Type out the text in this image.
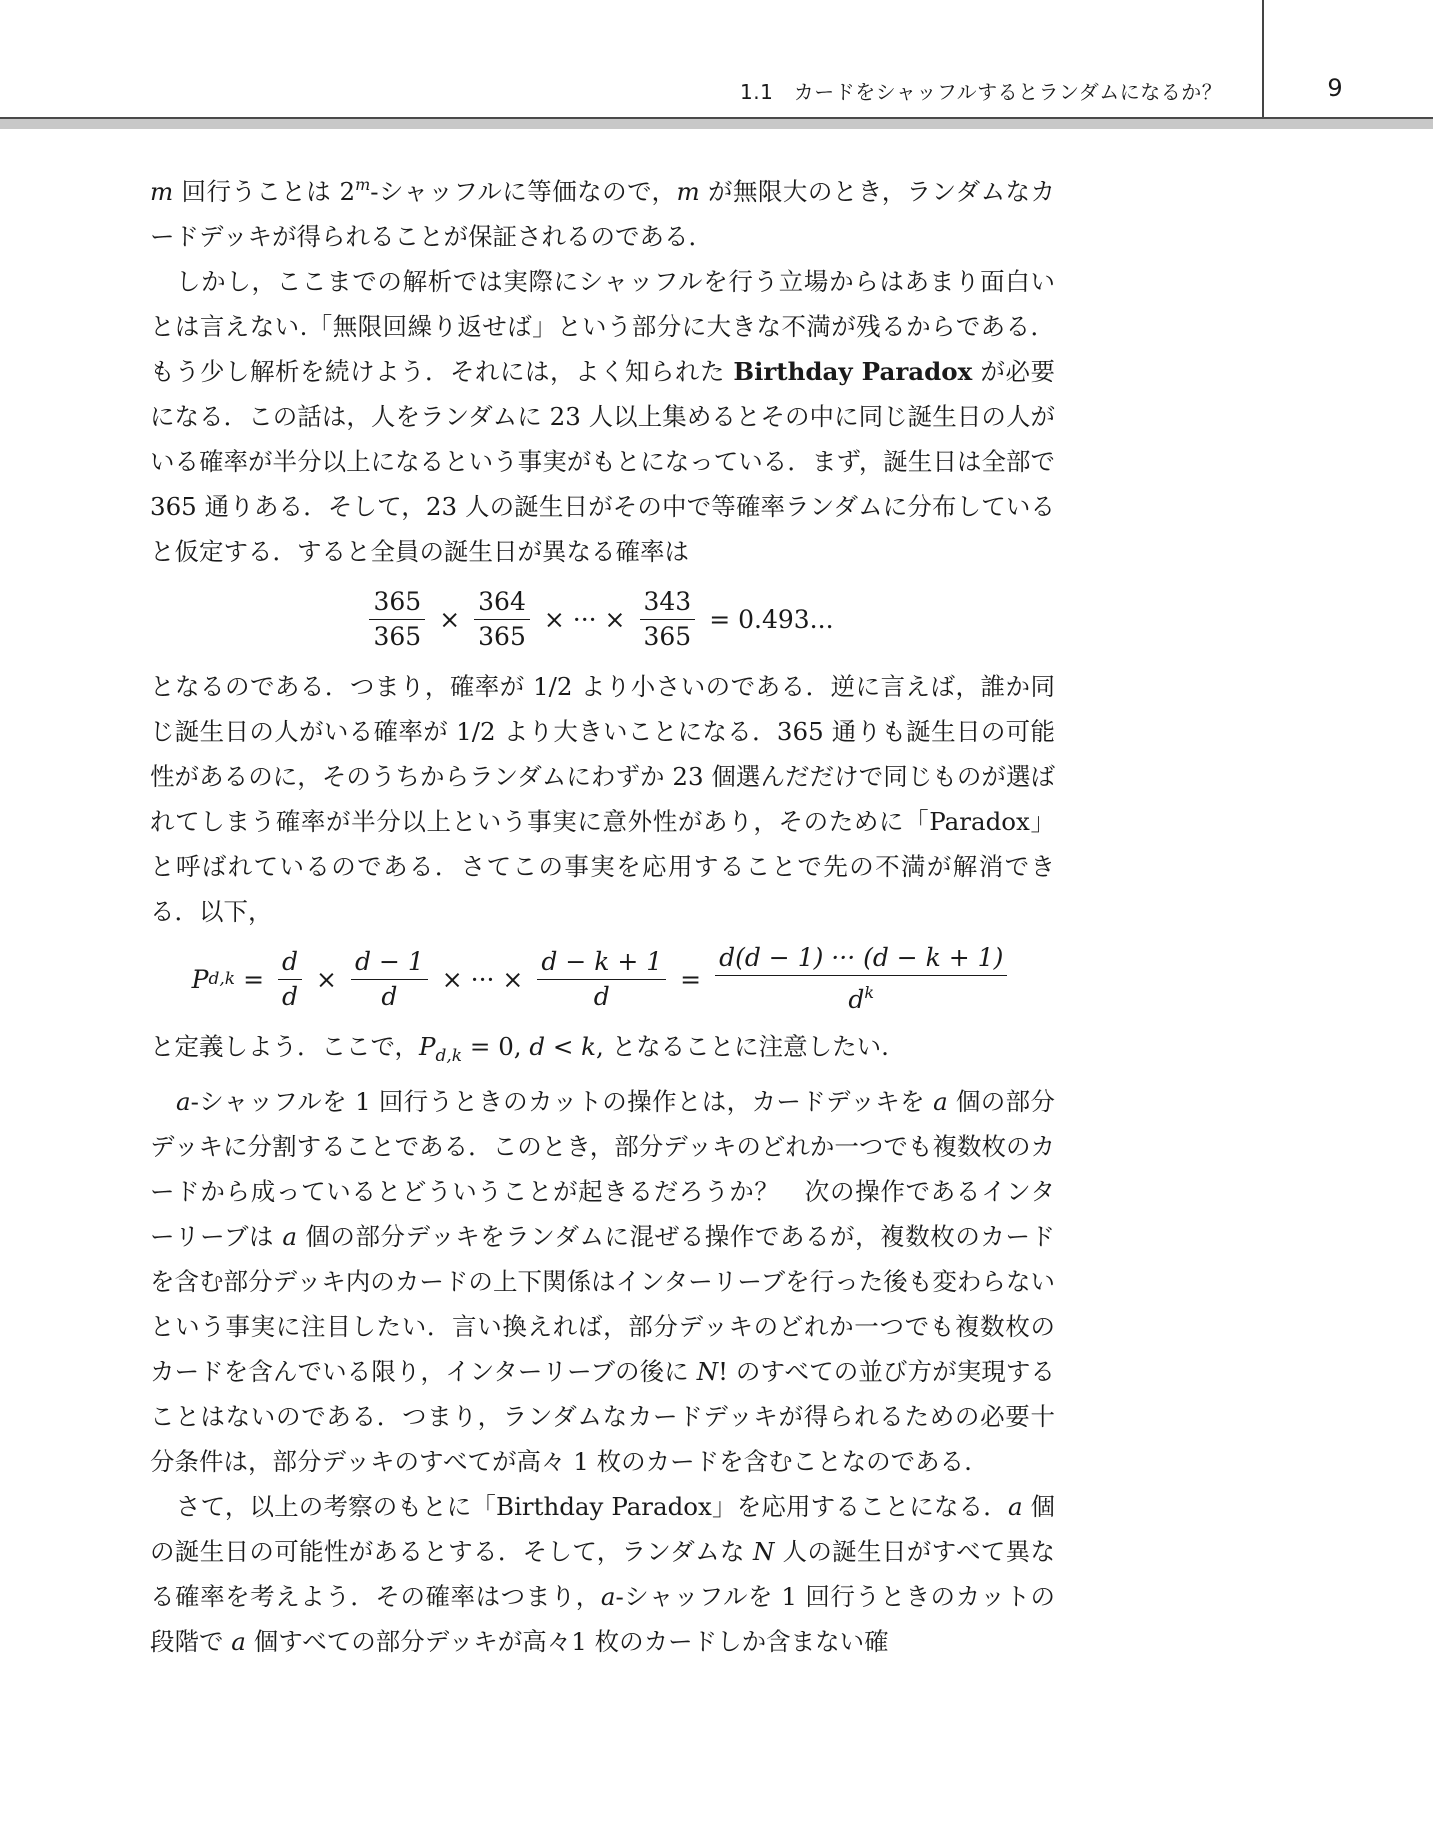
1.1　カードをシャッフルするとランダムになるか？	9

m 回行うことは 2$^m$-シャッフルに等価なので，m が無限大のとき，ランダムなカードデッキが得られることが保証されるのである．

しかし，ここまでの解析では実際にシャッフルを行う立場からはあまり面白いとは言えない.「無限回繰り返せば」という部分に大きな不満が残るからである．もう少し解析を続けよう．それには，よく知られた Birthday Paradox が必要になる．この話は，人をランダムに 23 人以上集めるとその中に同じ誕生日の人がいる確率が半分以上になるという事実がもとになっている．まず，誕生日は全部で 365 通りある．そして，23 人の誕生日がその中で等確率ランダムに分布していると仮定する．すると全員の誕生日が異なる確率は

$\frac{365}{365} \times \frac{364}{365}$ × ··· × $\frac{343}{365} = 0.493$...

となるのである．つまり，確率が 1/2 より小さいのである．逆に言えば，誰か同じ誕生日の人がいる確率が 1/2 より大きいことになる．365 通りも誕生日の可能性があるのに，そのうちからランダムにわずか 23 個選んだだけで同じものが選ばれてしまう確率が半分以上という事実に意外性があり，そのために「Paradox」と呼ばれているのである．さてこの事実を応用することで先の不満が解消できる．以下，

P $d,k = \frac{d}{d} \times \frac{d - 1}{d}$ × ··· × $\frac{d - k + 1}{d} = \frac{d(d - 1) \cdot\cdot\cdot (d - k + 1)}{d^k}$

と定義しよう．ここで，$P_{d,k} = 0$, d < k, となることに注意したい.

a-シャッフルを 1 回行うときのカットの操作とは，カードデッキを a 個の部分デッキに分割することである．このとき，部分デッキのどれか一つでも複数枚のカードから成っているとどういうことが起きるだろうか？　次の操作であるインターリーブは a 個の部分デッキをランダムに混ぜる操作であるが，複数枚のカードを含む部分デッキ内のカードの上下関係はインターリーブを行った後も変わらないという事実に注目したい．言い換えれば，部分デッキのどれか一つでも複数枚のカードを含んでいる限り，インターリーブの後に N! のすべての並び方が実現することはないのである．つまり，ランダムなカードデッキが得られるための必要十分条件は，部分デッキのすべてが高々 1 枚のカードを含むことなのである.

さて，以上の考察のもとに「Birthday Paradox」を応用することになる．a 個の誕生日の可能性があるとする．そして，ランダムな N 人の誕生日がすべて異なる確率を考えよう．その確率はつまり，a-シャッフルを 1 回行うときのカットの段階で a 個すべての部分デッキが高々1 枚のカードしか含まない確
